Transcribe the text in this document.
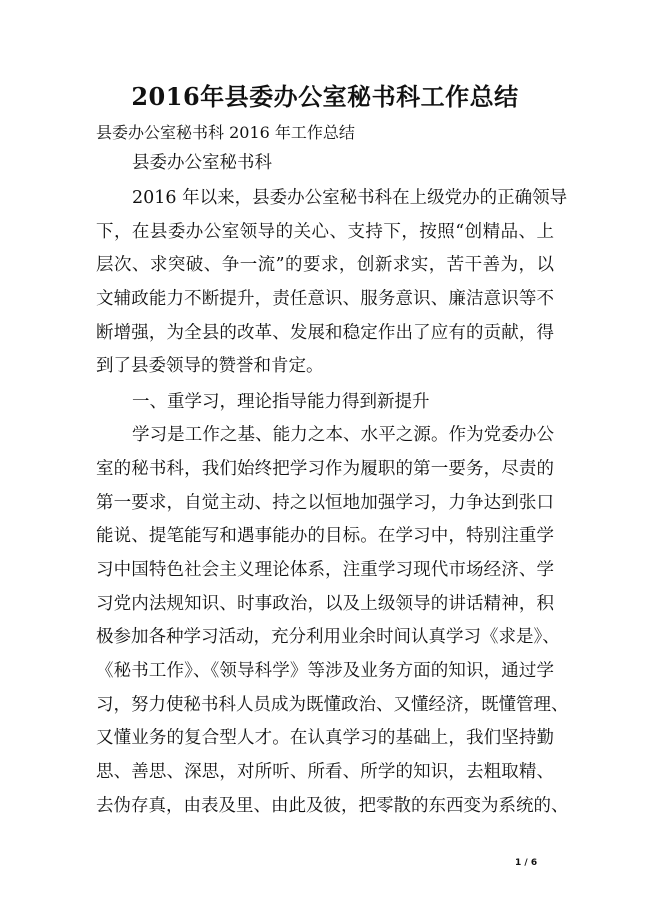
2016年县委办公室秘书科工作总结
县委办公室秘书科 2016 年工作总结
县委办公室秘书科
2016 年以来，县委办公室秘书科在上级党办的正确领导
下，在县委办公室领导的关心、支持下，按照“创精品、上
层次、求突破、争一流”的要求，创新求实，苦干善为，以
文辅政能力不断提升，责任意识、服务意识、廉洁意识等不
断增强，为全县的改革、发展和稳定作出了应有的贡献，得
到了县委领导的赞誉和肯定。
一、重学习，理论指导能力得到新提升
学习是工作之基、能力之本、水平之源。作为党委办公
室的秘书科，我们始终把学习作为履职的第一要务，尽责的
第一要求，自觉主动、持之以恒地加强学习，力争达到张口
能说、提笔能写和遇事能办的目标。在学习中，特别注重学
习中国特色社会主义理论体系，注重学习现代市场经济、学
习党内法规知识、时事政治，以及上级领导的讲话精神，积
极参加各种学习活动，充分利用业余时间认真学习《求是》、
《秘书工作》、《领导科学》等涉及业务方面的知识，通过学
习，努力使秘书科人员成为既懂政治、又懂经济，既懂管理、
又懂业务的复合型人才。在认真学习的基础上，我们坚持勤
思、善思、深思，对所听、所看、所学的知识，去粗取精、
去伪存真，由表及里、由此及彼，把零散的东西变为系统的、
1 / 6
